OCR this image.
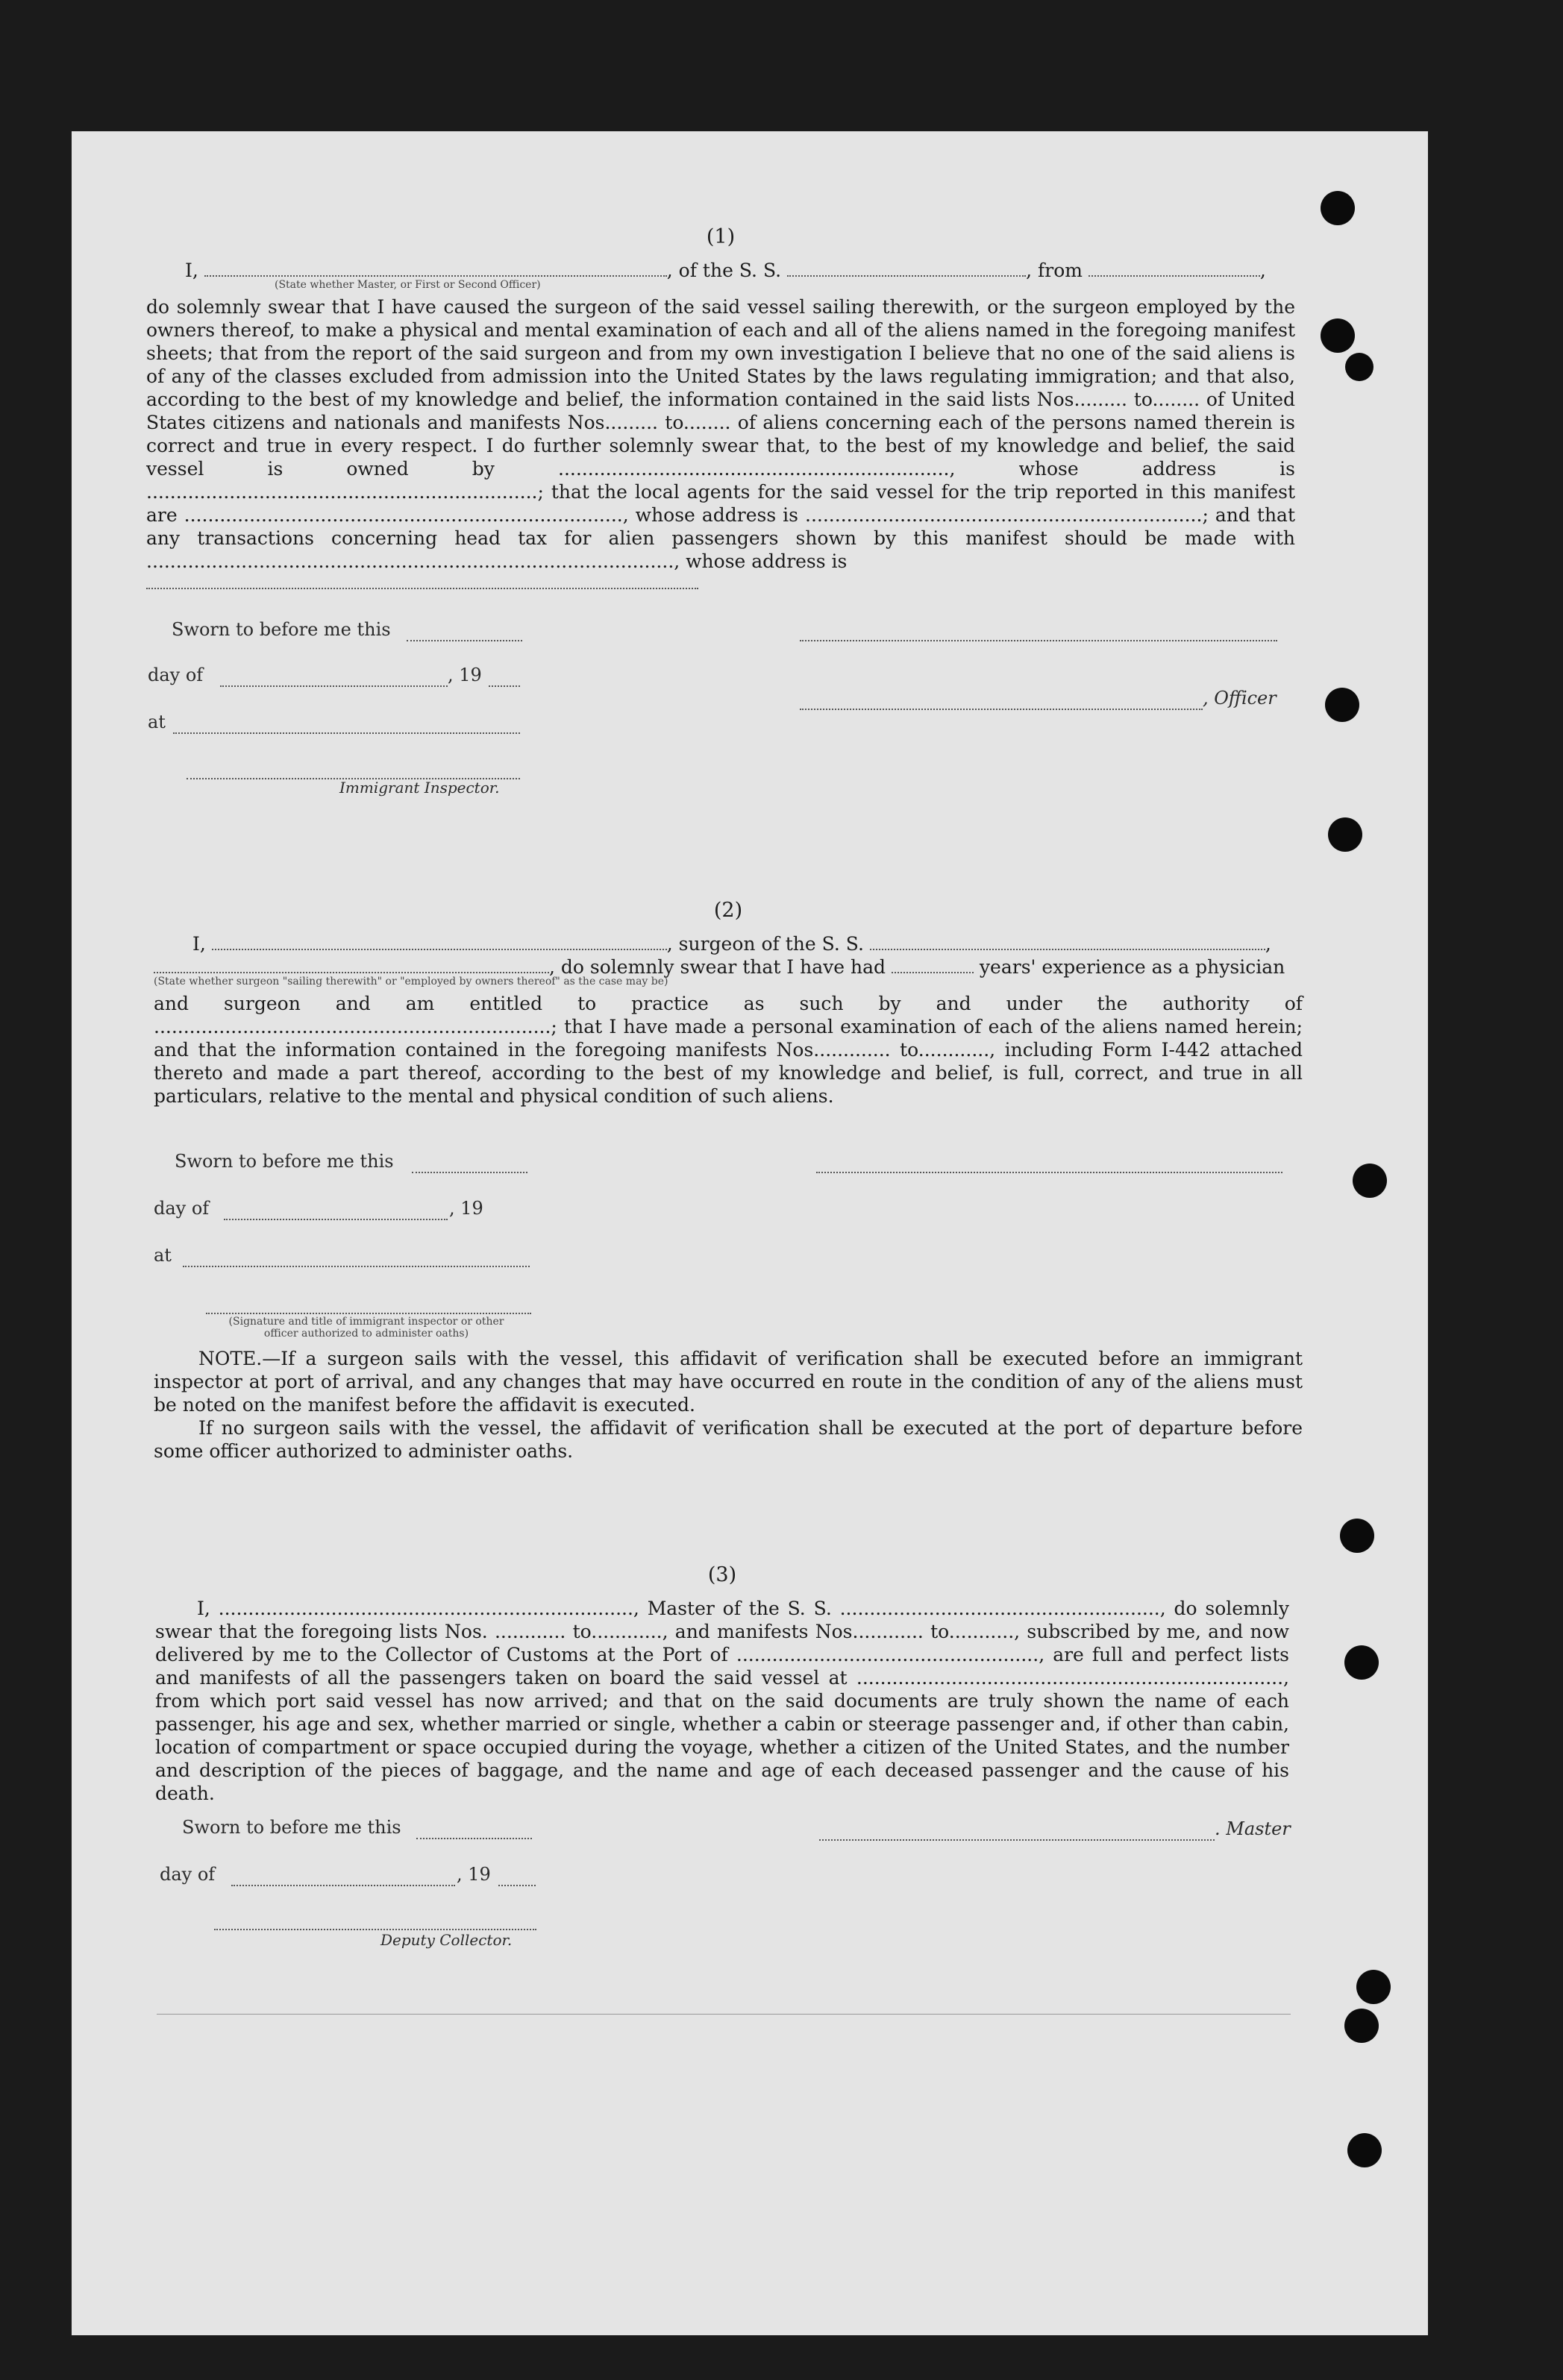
(1)
I,	, of the S. S.	, from	,
(State whether Master, or First or Second Officer)
do solemnly swear that I have caused the surgeon of the said vessel sailing therewith, or the surgeon employed by the owners thereof, to make a physical and mental examination of each and all of the aliens named in the foregoing manifest sheets; that from the report of the said surgeon and from my own investigation I believe that no one of the said aliens is of any of the classes excluded from admission into the United States by the laws regulating immigration; and that also, according to the best of my knowledge and belief, the information contained in the said lists Nos......... to........ of United States citizens and nationals and manifests Nos......... to........ of aliens concerning each of the persons named therein is correct and true in every respect. I do further solemnly swear that, to the best of my knowledge and belief, the said vessel is owned by .................................................................., whose address is ..................................................................; that the local agents for the said vessel for the trip reported in this manifest are .........................................................................., whose address is ...................................................................; and that any transactions concerning head tax for alien passengers shown by this manifest should be made with ........................................................................................., whose address is
Sworn to before me this
day of	, 19
, Officer
at
Immigrant Inspector.
(2)
I,	, surgeon of the S. S.	,
, do solemnly swear that I have had	years' experience as a physician
(State whether surgeon "sailing therewith" or "employed by owners thereof" as the case may be)
and surgeon and am entitled to practice as such by and under the authority of ...................................................................; that I have made a personal examination of each of the aliens named herein; and that the information contained in the foregoing manifests Nos............. to............, including Form I-442 attached thereto and made a part thereof, according to the best of my knowledge and belief, is full, correct, and true in all particulars, relative to the mental and physical condition of such aliens.
Sworn to before me this
day of	, 19
at
(Signature and title of immigrant inspector or other officer authorized to administer oaths)
NOTE.—If a surgeon sails with the vessel, this affidavit of verification shall be executed before an immigrant inspector at port of arrival, and any changes that may have occurred en route in the condition of any of the aliens must be noted on the manifest before the affidavit is executed.
If no surgeon sails with the vessel, the affidavit of verification shall be executed at the port of departure before some officer authorized to administer oaths.
(3)
I, ......................................................................, Master of the S. S. ......................................................, do solemnly swear that the foregoing lists Nos. ............ to............, and manifests Nos............ to..........., subscribed by me, and now delivered by me to the Collector of Customs at the Port of ..................................................., are full and perfect lists and manifests of all the passengers taken on board the said vessel at ........................................................................, from which port said vessel has now arrived; and that on the said documents are truly shown the name of each passenger, his age and sex, whether married or single, whether a cabin or steerage passenger and, if other than cabin, location of compartment or space occupied during the voyage, whether a citizen of the United States, and the number and description of the pieces of baggage, and the name and age of each deceased passenger and the cause of his death.
Sworn to before me this	. Master
day of	, 19
Deputy Collector.
